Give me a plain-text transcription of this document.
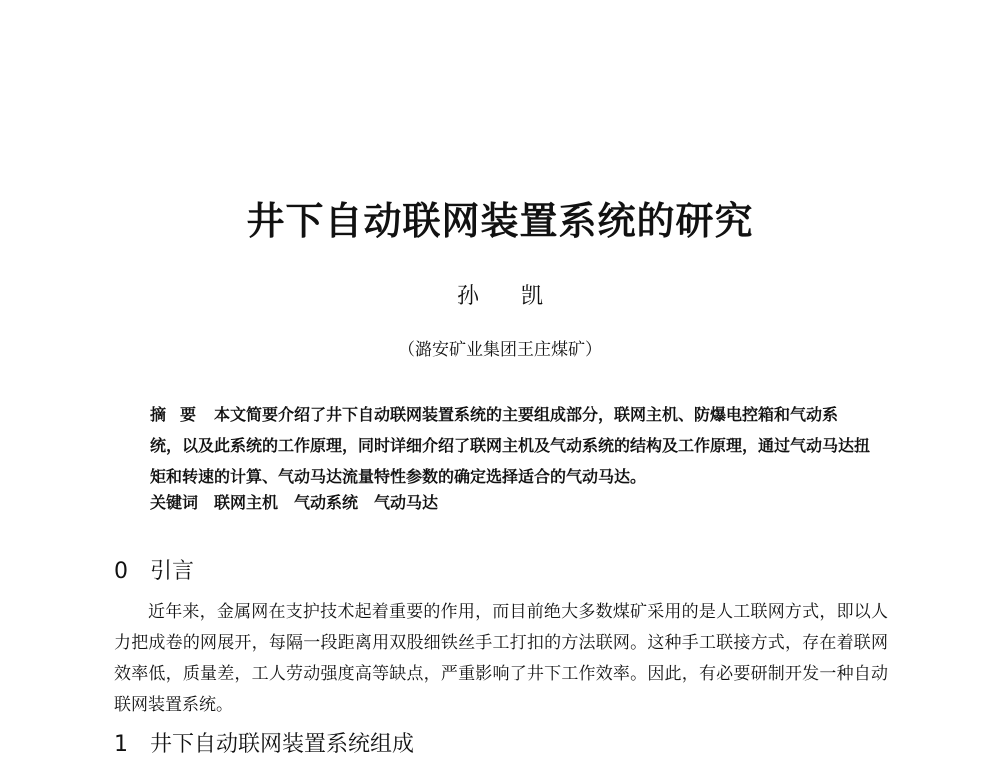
井下自动联网装置系统的研究
孙凯
（潞安矿业集团王庄煤矿）
摘要 本文简要介绍了井下自动联网装置系统的主要组成部分，联网主机、防爆电控箱和气动系统，以及此系统的工作原理，同时详细介绍了联网主机及气动系统的结构及工作原理，通过气动马达扭矩和转速的计算、气动马达流量特性参数的确定选择适合的气动马达。
关键词 联网主机 气动系统 气动马达
0 引言

近年来，金属网在支护技术起着重要的作用，而目前绝大多数煤矿采用的是人工联网方式，即以人力把成卷的网展开，每隔一段距离用双股细铁丝手工打扣的方法联网。这种手工联接方式，存在着联网效率低，质量差，工人劳动强度高等缺点，严重影响了井下工作效率。因此，有必要研制开发一种自动联网装置系统。

1 井下自动联网装置系统组成
